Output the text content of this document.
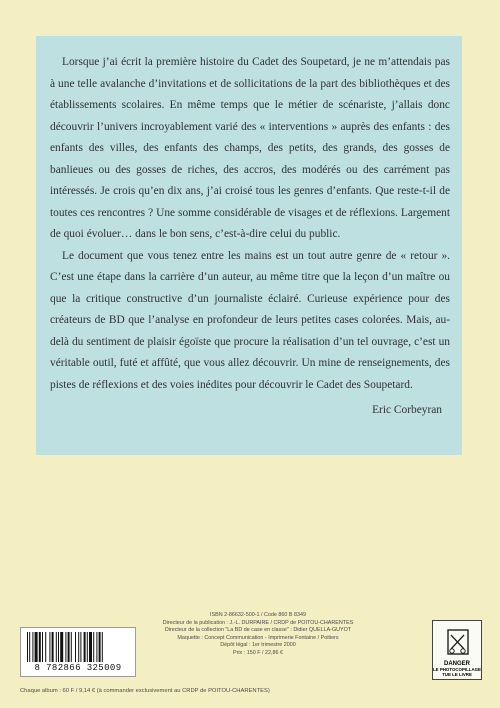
Lorsque j’ai écrit la première histoire du Cadet des Soupetard, je ne m’attendais pas à une telle avalanche d’invitations et de sollicitations de la part des bibliothèques et des établissements scolaires. En même temps que le métier de scénariste, j’allais donc découvrir l’univers incroyablement varié des « interventions » auprès des enfants : des enfants des villes, des enfants des champs, des petits, des grands, des gosses de banlieues ou des gosses de riches, des accros, des modérés ou des carrément pas intéressés. Je crois qu’en dix ans, j’ai croisé tous les genres d’enfants. Que reste-t-il de toutes ces rencontres ? Une somme considérable de visages et de réflexions. Largement de quoi évoluer… dans le bon sens, c’est-à-dire celui du public.

Le document que vous tenez entre les mains est un tout autre genre de « retour ». C’est une étape dans la carrière d’un auteur, au même titre que la leçon d’un maître ou que la critique constructive d’un journaliste éclairé. Curieuse expérience pour des créateurs de BD que l’analyse en profondeur de leurs petites cases colorées. Mais, au-delà du sentiment de plaisir égoïste que procure la réalisation d’un tel ouvrage, c’est un véritable outil, futé et affûté, que vous allez découvrir. Un mine de renseignements, des pistes de réflexions et des voies inédites pour découvrir le Cadet des Soupetard.

Eric Corbeyran
ISBN 2-86632-500-1 / Code 860 B 8349
Directeur de la publication : J.-L. DURPAIRE / CRDP de POITOU-CHARENTES
Directeur de la collection "La BD de case en classe" : Didier QUELLA-GUYOT
Maquette : Concept Communication - Imprimerie Fontaine / Poitiers
Dépôt légal : 1er trimestre 2000
Prix : 150 F / 22,86 €
8 782866 325009
Chaque album : 60 F / 9,14 € (à commander exclusivement au CRDP de POITOU-CHARENTES)
DANGER
LE PHOTOCOPILLAGE
TUE LE LIVRE
